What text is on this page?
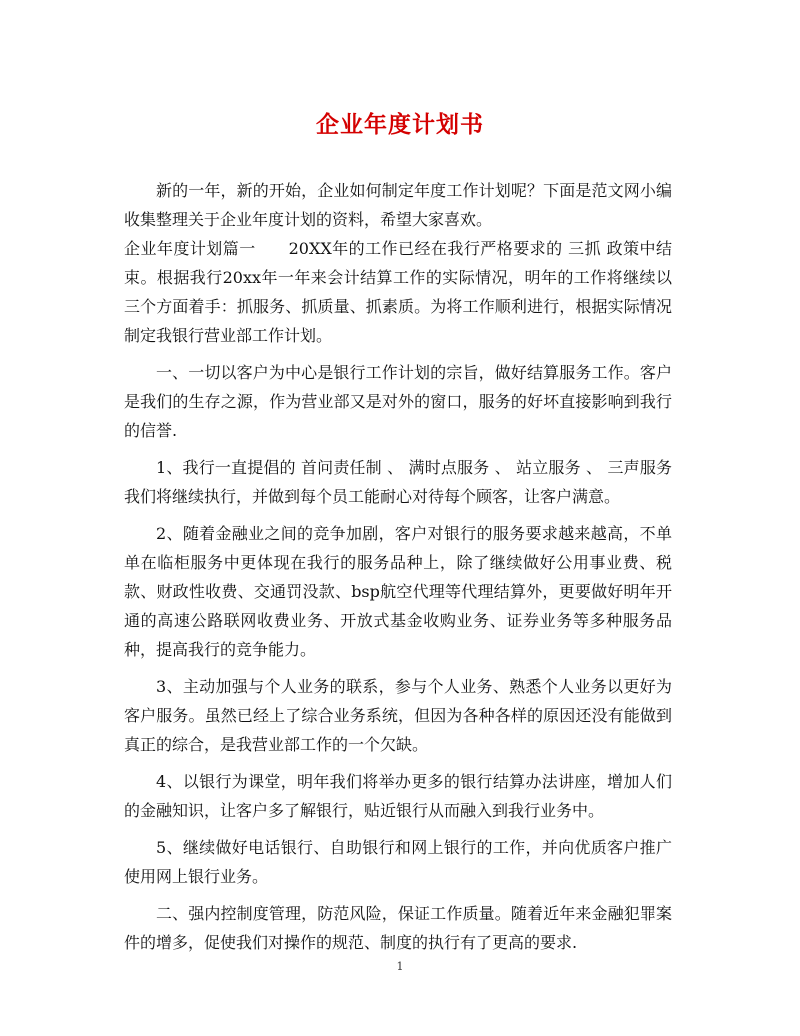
企业年度计划书

新的一年，新的开始，企业如何制定年度工作计划呢？下面是范文网小编收集整理关于企业年度计划的资料，希望大家喜欢。

企业年度计划篇一　　20XX年的工作已经在我行严格要求的 三抓 政策中结束。根据我行20xx年一年来会计结算工作的实际情况，明年的工作将继续以三个方面着手：抓服务、抓质量、抓素质。为将工作顺利进行，根据实际情况制定我银行营业部工作计划。

一、一切以客户为中心是银行工作计划的宗旨，做好结算服务工作。客户是我们的生存之源，作为营业部又是对外的窗口，服务的好坏直接影响到我行的信誉.

1、我行一直提倡的 首问责任制 、 满时点服务 、 站立服务 、 三声服务 我们将继续执行，并做到每个员工能耐心对待每个顾客，让客户满意。

2、随着金融业之间的竞争加剧，客户对银行的服务要求越来越高，不单单在临柜服务中更体现在我行的服务品种上，除了继续做好公用事业费、税款、财政性收费、交通罚没款、bsp航空代理等代理结算外，更要做好明年开通的高速公路联网收费业务、开放式基金收购业务、证券业务等多种服务品种，提高我行的竞争能力。

3、主动加强与个人业务的联系，参与个人业务、熟悉个人业务以更好为客户服务。虽然已经上了综合业务系统，但因为各种各样的原因还没有能做到真正的综合，是我营业部工作的一个欠缺。

4、以银行为课堂，明年我们将举办更多的银行结算办法讲座，增加人们的金融知识，让客户多了解银行，贴近银行从而融入到我行业务中。

5、继续做好电话银行、自助银行和网上银行的工作，并向优质客户推广使用网上银行业务。

二、强内控制度管理，防范风险，保证工作质量。随着近年来金融犯罪案件的增多，促使我们对操作的规范、制度的执行有了更高的要求.

1
